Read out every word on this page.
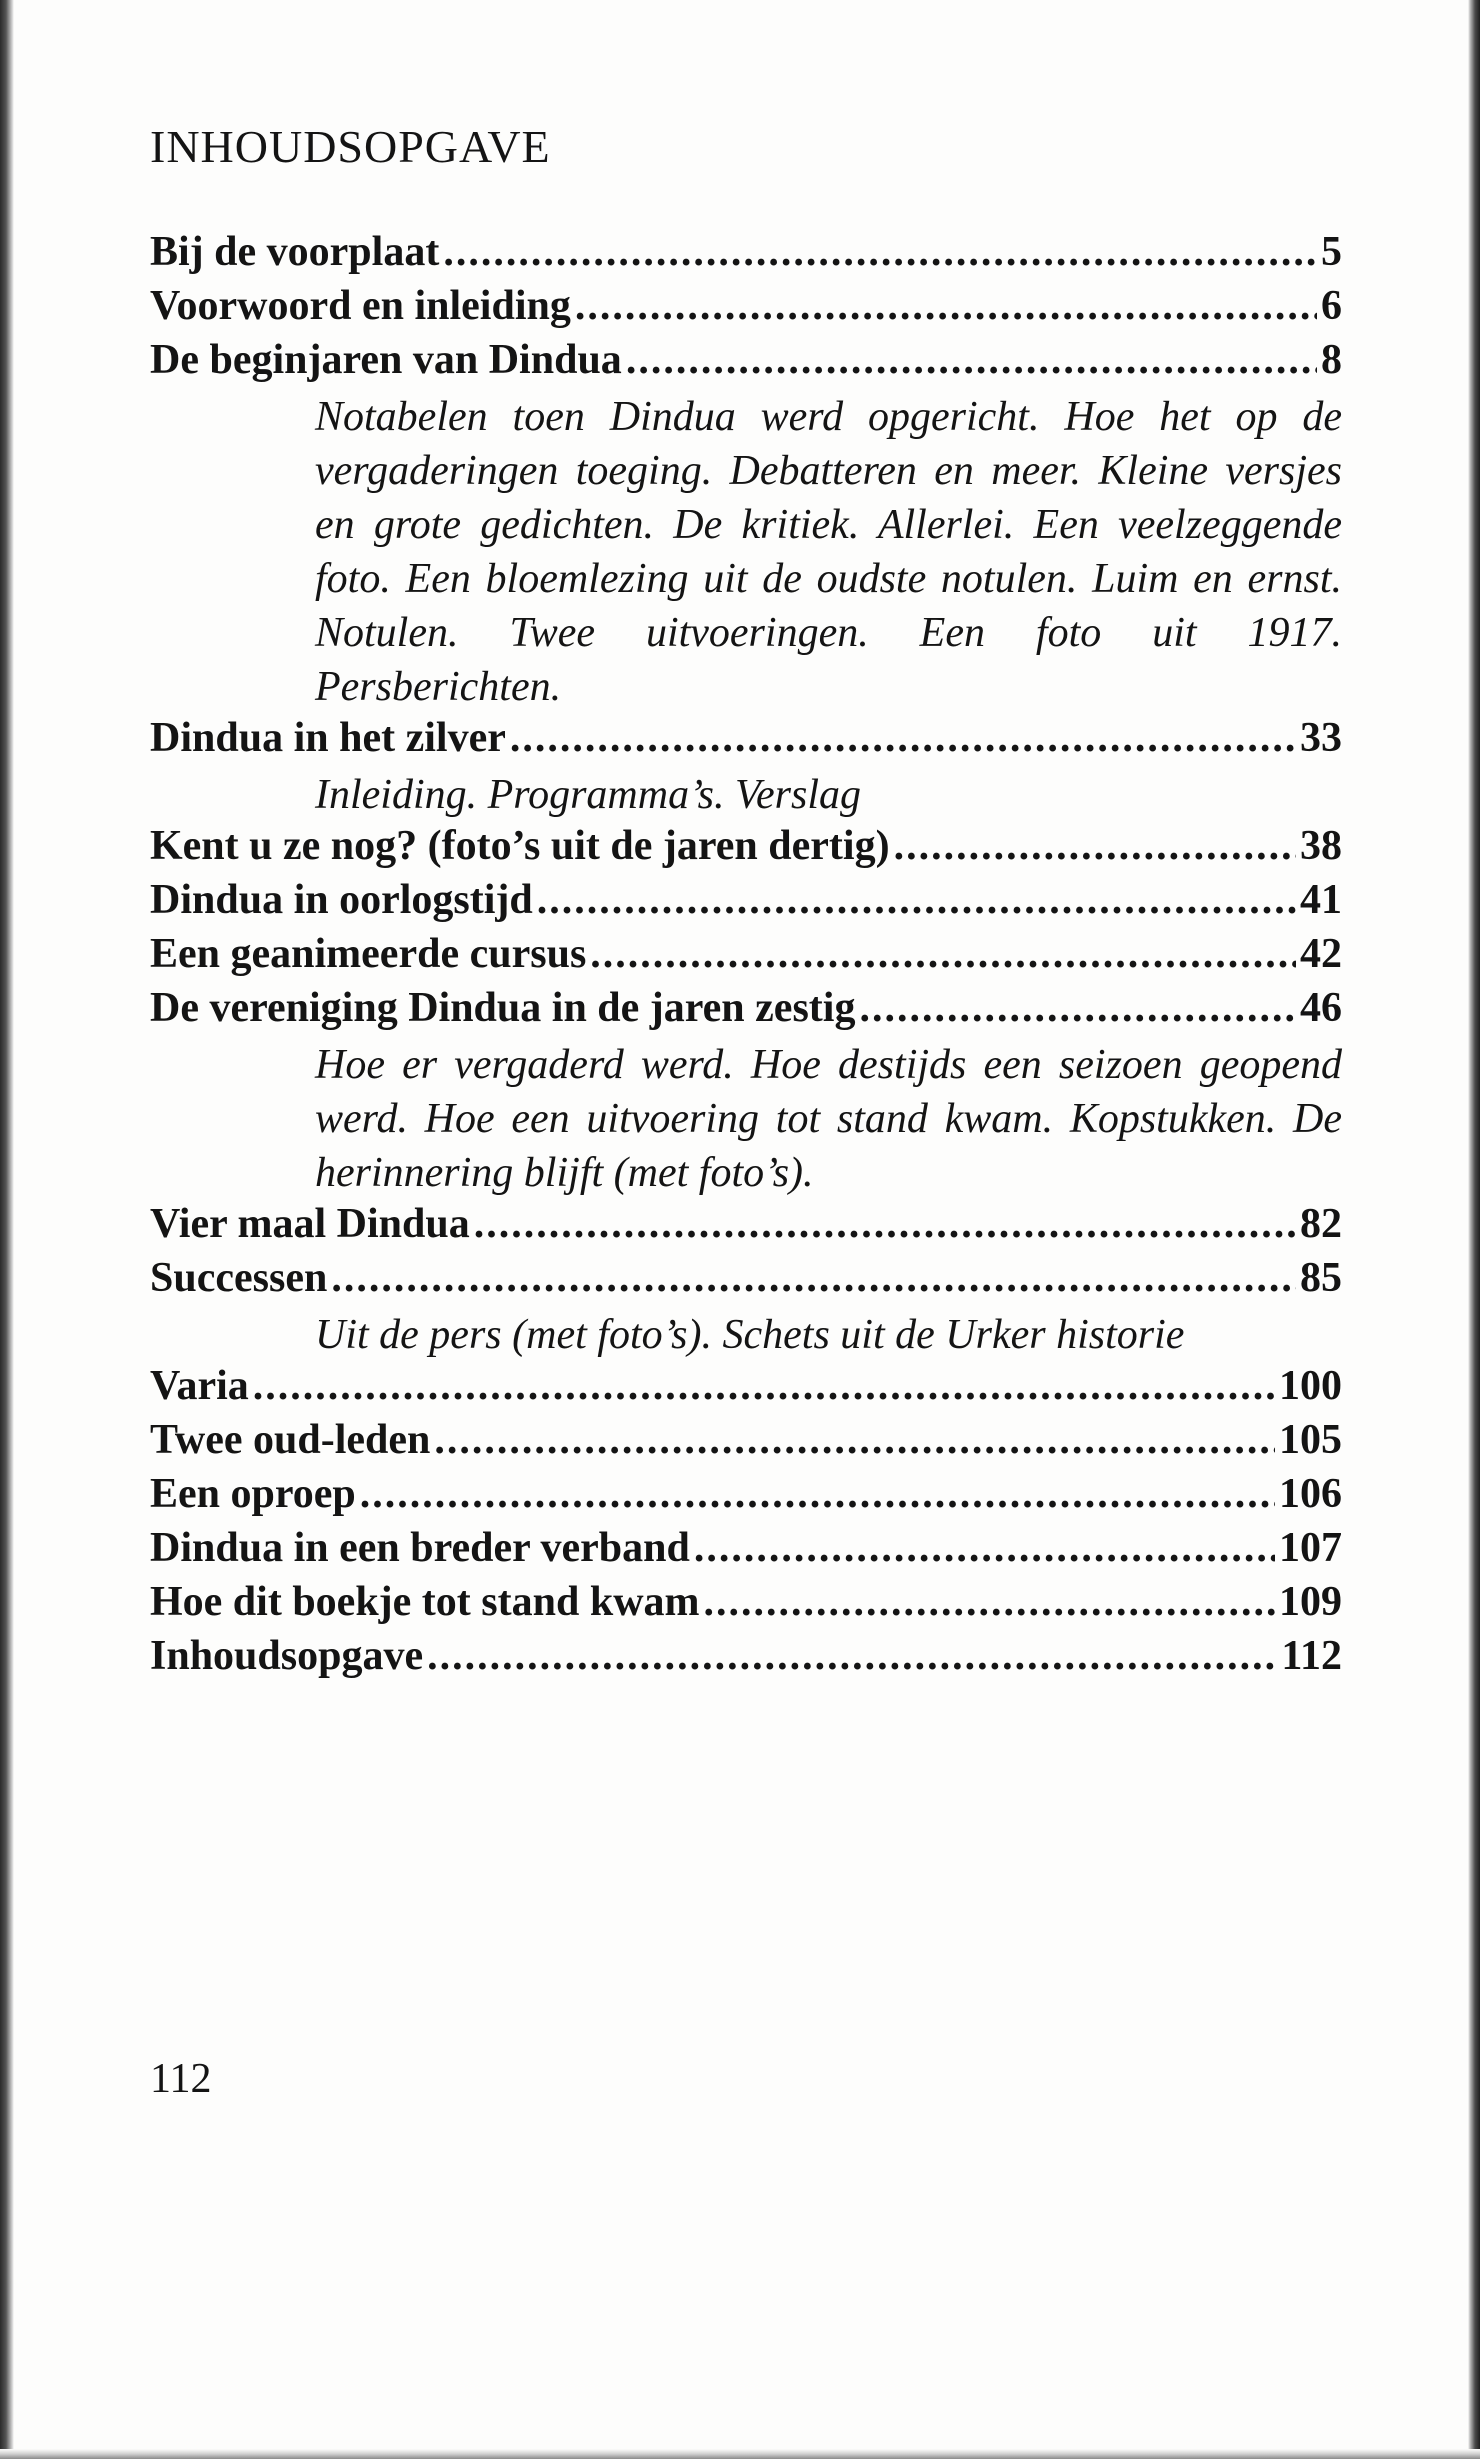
INHOUDSOPGAVE
Bij de voorplaat .....	5
Voorwoord en inleiding .....	6
De beginjaren van Dindua .....	8
Notabelen toen Dindua werd opgericht. Hoe het op de vergaderingen toeging. Debatteren en meer. Kleine versjes en grote gedichten. De kritiek. Allerlei. Een veelzeggende foto. Een bloemlezing uit de oudste notulen. Luim en ernst. Notulen. Twee uitvoeringen. Een foto uit 1917. Persberichten.
Dindua in het zilver .....	33
Inleiding. Programma’s. Verslag
Kent u ze nog? (foto’s uit de jaren dertig) .....	38
Dindua in oorlogstijd .....	41
Een geanimeerde cursus .....	42
De vereniging Dindua in de jaren zestig .....	46
Hoe er vergaderd werd. Hoe destijds een seizoen geopend werd. Hoe een uitvoering tot stand kwam. Kopstukken. De herinnering blijft (met foto’s).
Vier maal Dindua .....	82
Successen .....	85
Uit de pers (met foto’s). Schets uit de Urker historie
Varia .....	100
Twee oud-leden .....	105
Een oproep .....	106
Dindua in een breder verband .....	107
Hoe dit boekje tot stand kwam .....	109
Inhoudsopgave .....	112
112
